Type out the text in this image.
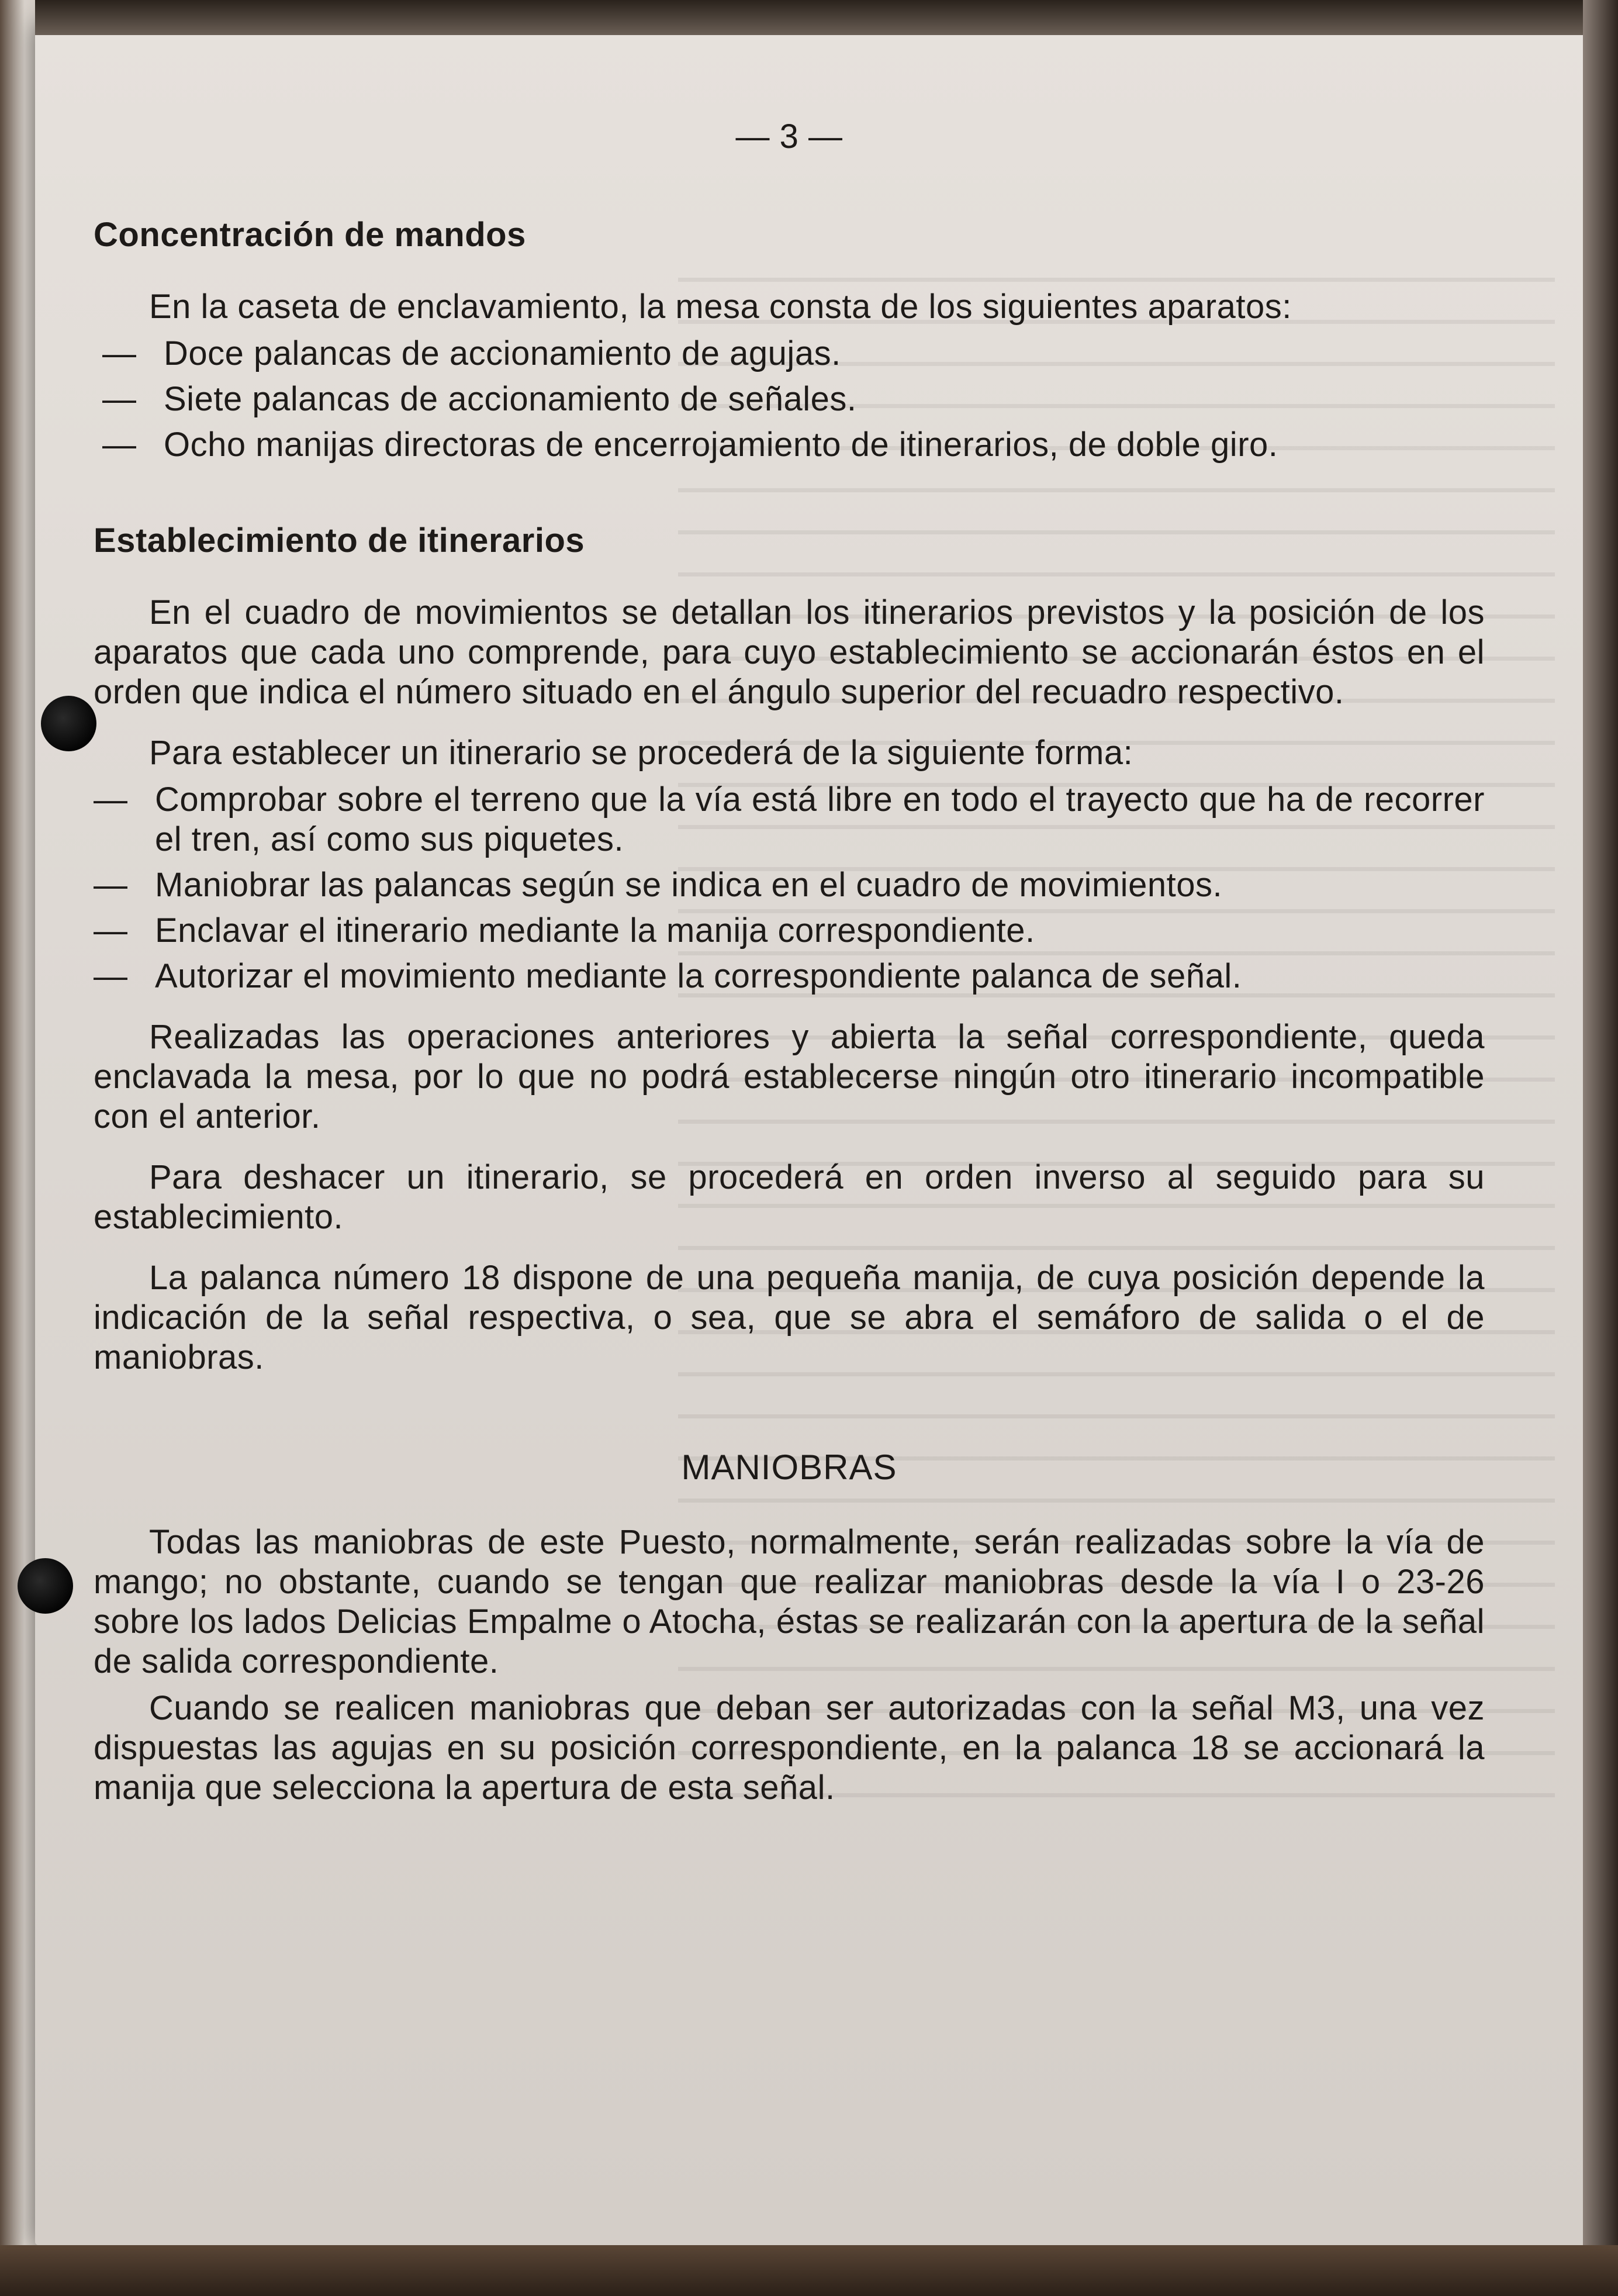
— 3 —
Concentración de mandos

En la caseta de enclavamiento, la mesa consta de los siguientes aparatos:

— Doce palancas de accionamiento de agujas.
— Siete palancas de accionamiento de señales.
— Ocho manijas directoras de encerrojamiento de itinerarios, de doble giro.
Establecimiento de itinerarios

En el cuadro de movimientos se detallan los itinerarios previstos y la posición de los aparatos que cada uno comprende, para cuyo establecimiento se accionarán éstos en el orden que indica el número situado en el ángulo superior del recuadro respectivo.

Para establecer un itinerario se procederá de la siguiente forma:

— Comprobar sobre el terreno que la vía está libre en todo el trayecto que ha de recorrer el tren, así como sus piquetes.
— Maniobrar las palancas según se indica en el cuadro de movimientos.
— Enclavar el itinerario mediante la manija correspondiente.
— Autorizar el movimiento mediante la correspondiente palanca de señal.

Realizadas las operaciones anteriores y abierta la señal correspondiente, queda enclavada la mesa, por lo que no podrá establecerse ningún otro itinerario incompatible con el anterior.

Para deshacer un itinerario, se procederá en orden inverso al seguido para su establecimiento.

La palanca número 18 dispone de una pequeña manija, de cuya posición depende la indicación de la señal respectiva, o sea, que se abra el semáforo de salida o el de maniobras.

MANIOBRAS

Todas las maniobras de este Puesto, normalmente, serán realizadas sobre la vía de mango; no obstante, cuando se tengan que realizar maniobras desde la vía I o 23-26 sobre los lados Delicias Empalme o Atocha, éstas se realizarán con la apertura de la señal de salida correspondiente.

Cuando se realicen maniobras que deban ser autorizadas con la señal M3, una vez dispuestas las agujas en su posición correspondiente, en la palanca 18 se accionará la manija que selecciona la apertura de esta señal.
